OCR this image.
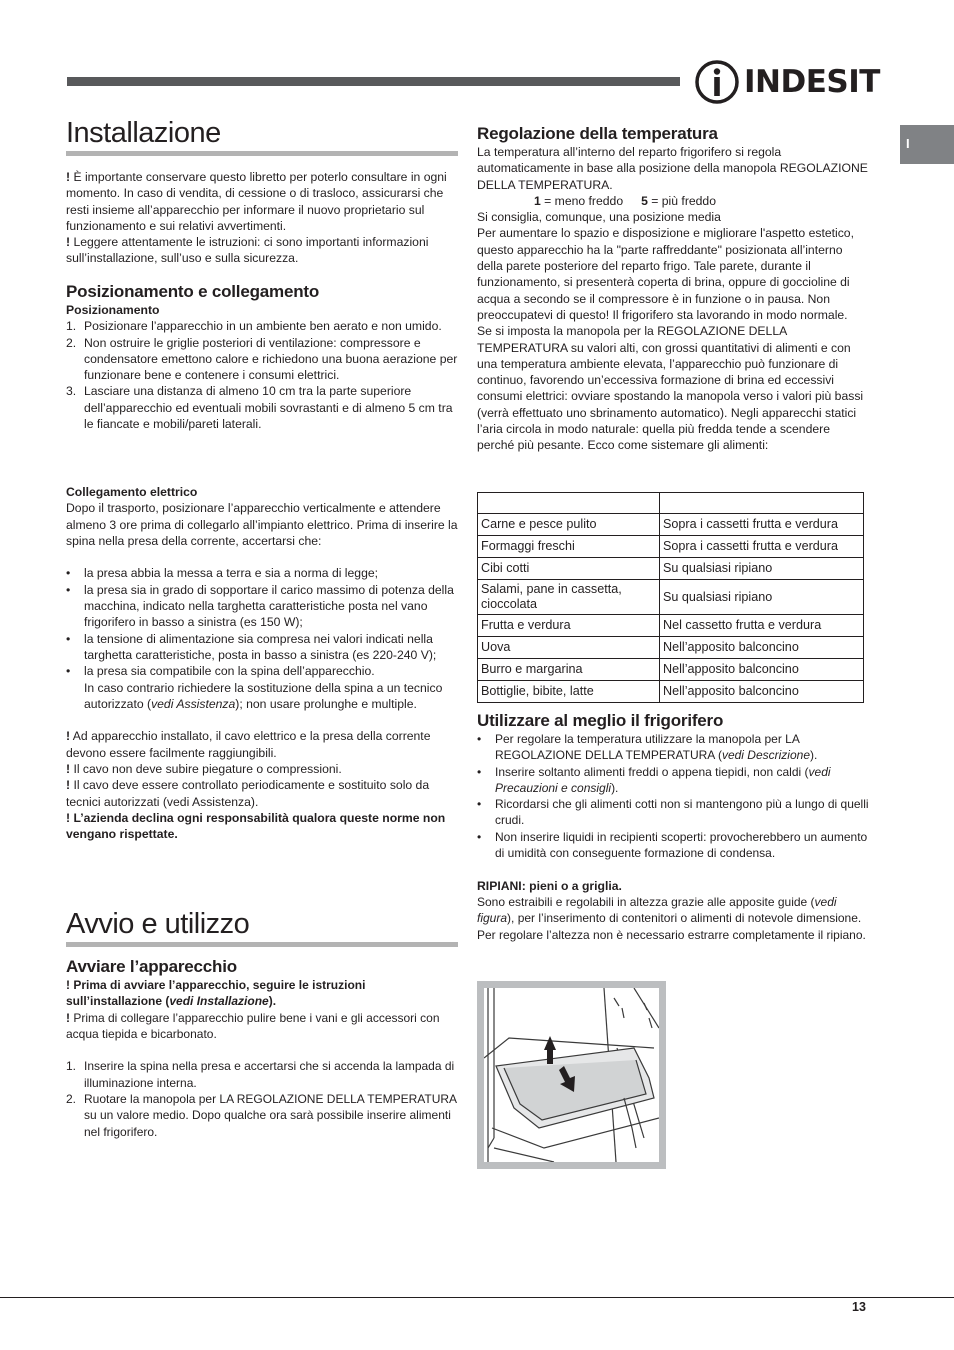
INDESIT
I
Installazione

! È importante conservare questo libretto per poterlo consultare in ogni momento. In caso di vendita, di cessione o di trasloco, assicurarsi che resti insieme all’apparecchio per informare il nuovo proprietario sul funzionamento e sui relativi avvertimenti.

! Leggere attentamente le istruzioni: ci sono importanti informazioni sull’installazione, sull’uso e sulla sicurezza.

Posizionamento e collegamento
Posizionamento
1. Posizionare l’apparecchio in un ambiente ben aerato e non umido.
2. Non ostruire le griglie posteriori di ventilazione: compressore e condensatore emettono calore e richiedono una buona aerazione per funzionare bene e contenere i consumi elettrici.
3. Lasciare una distanza di almeno 10 cm tra la parte superiore dell’apparecchio ed eventuali mobili sovrastanti e di almeno 5 cm tra le fiancate e mobili/pareti laterali.
Collegamento elettrico

Dopo il trasporto, posizionare l’apparecchio verticalmente e attendere almeno 3 ore prima di collegarlo all’impianto elettrico. Prima di inserire la spina nella presa della corrente, accertarsi che:

• la presa abbia la messa a terra e sia a norma di legge;
• la presa sia in grado di sopportare il carico massimo di potenza della macchina, indicato nella targhetta caratteristiche posta nel vano frigorifero in basso a sinistra (es 150 W);
• la tensione di alimentazione sia compresa nei valori indicati nella targhetta caratteristiche, posta in basso a sinistra (es 220-240 V);
• la presa sia compatibile con la spina dell’apparecchio.
In caso contrario richiedere la sostituzione della spina a un tecnico autorizzato (vedi Assistenza); non usare prolunghe e multiple.

! Ad apparecchio installato, il cavo elettrico e la presa della corrente devono essere facilmente raggiungibili.

! Il cavo non deve subire piegature o compressioni.

! Il cavo deve essere controllato periodicamente e sostituito solo da tecnici autorizzati (vedi Assistenza).

! L’azienda declina ogni responsabilità qualora queste norme non vengano rispettate.

Avvio e utilizzo
Avviare l’apparecchio

! Prima di avviare l’apparecchio, seguire le istruzioni sull’installazione (vedi Installazione).

! Prima di collegare l’apparecchio pulire bene i vani e gli accessori con acqua tiepida e bicarbonato.

1. Inserire la spina nella presa e accertarsi che si accenda la lampada di illuminazione interna.
2. Ruotare la manopola per LA REGOLAZIONE DELLA TEMPERATURA su un valore medio. Dopo qualche ora sarà possibile inserire alimenti nel frigorifero.
Regolazione della temperatura

La temperatura all’interno del reparto frigorifero si regola automaticamente in base alla posizione della manopola REGOLAZIONE DELLA TEMPERATURA.

1 = meno freddo 5 = più freddo

Si consiglia, comunque, una posizione media

Per aumentare lo spazio e disposizione e migliorare l'aspetto estetico, questo apparecchio ha la "parte raffreddante" posizionata all’interno della parete posteriore del reparto frigo. Tale parete, durante il funzionamento, si presenterà coperta di brina, oppure di goccioline di acqua a secondo se il compressore è in funzione o in pausa. Non preoccupatevi di questo! Il frigorifero sta lavorando in modo normale.

Se si imposta la manopola per la REGOLAZIONE DELLA TEMPERATURA su valori alti, con grossi quantitativi di alimenti e con una temperatura ambiente elevata, l’apparecchio può funzionare di continuo, favorendo un’eccessiva formazione di brina ed eccessivi consumi elettrici: ovviare spostando la manopola verso i valori più bassi (verrà effettuato uno sbrinamento automatico). Negli apparecchi statici l’aria circola in modo naturale: quella più fredda tende a scendere perché più pesante. Ecco come sistemare gli alimenti:

Carne e pesce pulito	Sopra i cassetti frutta e verdura
Formaggi freschi	Sopra i cassetti frutta e verdura
Cibi cotti	Su qualsiasi ripiano
Salami, pane in cassetta, cioccolata	Su qualsiasi ripiano
Frutta e verdura	Nel cassetto frutta e verdura
Uova	Nell’apposito balconcino
Burro e margarina	Nell’apposito balconcino
Bottiglie, bibite, latte	Nell’apposito balconcino
Utilizzare al meglio il frigorifero
• Per regolare la temperatura utilizzare la manopola per LA REGOLAZIONE DELLA TEMPERATURA (vedi Descrizione).
• Inserire soltanto alimenti freddi o appena tiepidi, non caldi (vedi Precauzioni e consigli).
• Ricordarsi che gli alimenti cotti non si mantengono più a lungo di quelli crudi.
• Non inserire liquidi in recipienti scoperti: provocherebbero un aumento di umidità con conseguente formazione di condensa.
RIPIANI: pieni o a griglia.

Sono estraibili e regolabili in altezza grazie alle apposite guide (vedi figura), per l’inserimento di contenitori o alimenti di notevole dimensione. Per regolare l’altezza non è necessario estrarre completamente il ripiano.

13
